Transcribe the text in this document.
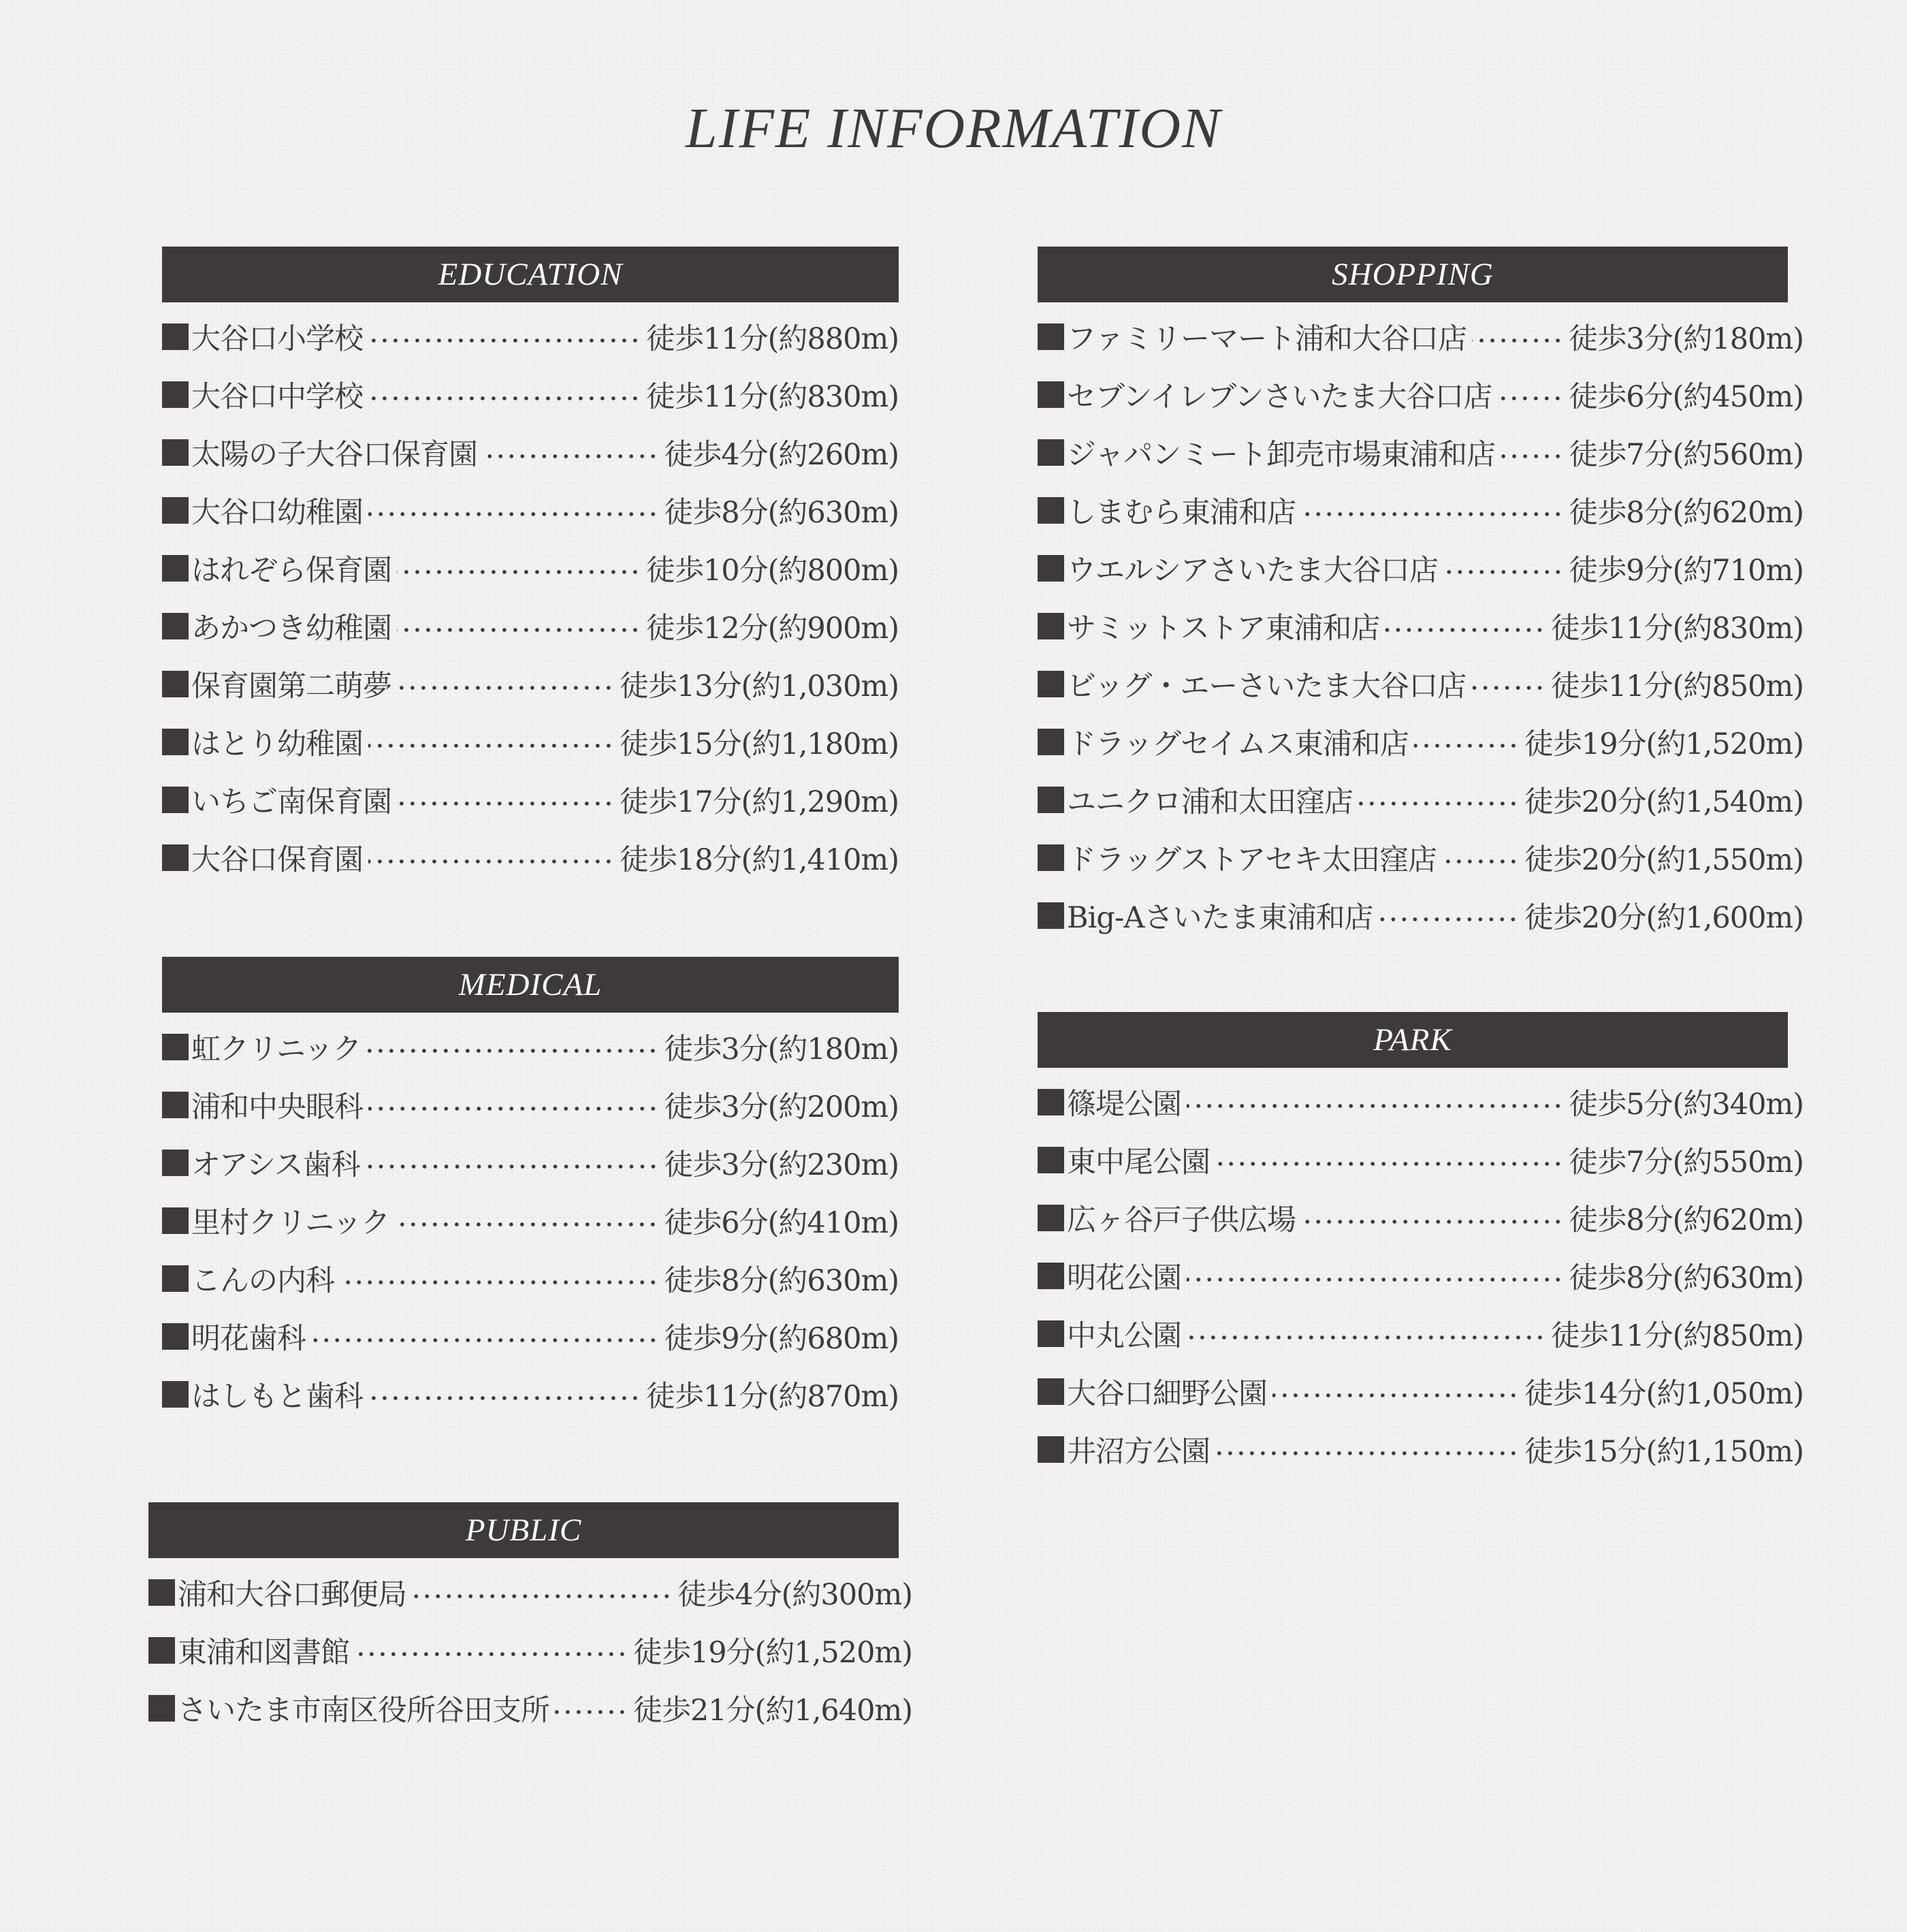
LIFE INFORMATION
EDUCATION
大谷口小学校	徒歩11分(約880m)
大谷口中学校	徒歩11分(約830m)
太陽の子大谷口保育園	徒歩4分(約260m)
大谷口幼稚園	徒歩8分(約630m)
はれぞら保育園	徒歩10分(約800m)
あかつき幼稚園	徒歩12分(約900m)
保育園第二萌夢	徒歩13分(約1,030m)
はとり幼稚園	徒歩15分(約1,180m)
いちご南保育園	徒歩17分(約1,290m)
大谷口保育園	徒歩18分(約1,410m)
MEDICAL
虹クリニック	徒歩3分(約180m)
浦和中央眼科	徒歩3分(約200m)
オアシス歯科	徒歩3分(約230m)
里村クリニック	徒歩6分(約410m)
こんの内科	徒歩8分(約630m)
明花歯科	徒歩9分(約680m)
はしもと歯科	徒歩11分(約870m)
PUBLIC
浦和大谷口郵便局	徒歩4分(約300m)
東浦和図書館	徒歩19分(約1,520m)
さいたま市南区役所谷田支所	徒歩21分(約1,640m)
SHOPPING
ファミリーマート浦和大谷口店	徒歩3分(約180m)
セブンイレブンさいたま大谷口店	徒歩6分(約450m)
ジャパンミート卸売市場東浦和店	徒歩7分(約560m)
しまむら東浦和店	徒歩8分(約620m)
ウエルシアさいたま大谷口店	徒歩9分(約710m)
サミットストア東浦和店	徒歩11分(約830m)
ビッグ・エーさいたま大谷口店	徒歩11分(約850m)
ドラッグセイムス東浦和店	徒歩19分(約1,520m)
ユニクロ浦和太田窪店	徒歩20分(約1,540m)
ドラッグストアセキ太田窪店	徒歩20分(約1,550m)
Big-Aさいたま東浦和店	徒歩20分(約1,600m)
PARK
篠堤公園	徒歩5分(約340m)
東中尾公園	徒歩7分(約550m)
広ヶ谷戸子供広場	徒歩8分(約620m)
明花公園	徒歩8分(約630m)
中丸公園	徒歩11分(約850m)
大谷口細野公園	徒歩14分(約1,050m)
井沼方公園	徒歩15分(約1,150m)
